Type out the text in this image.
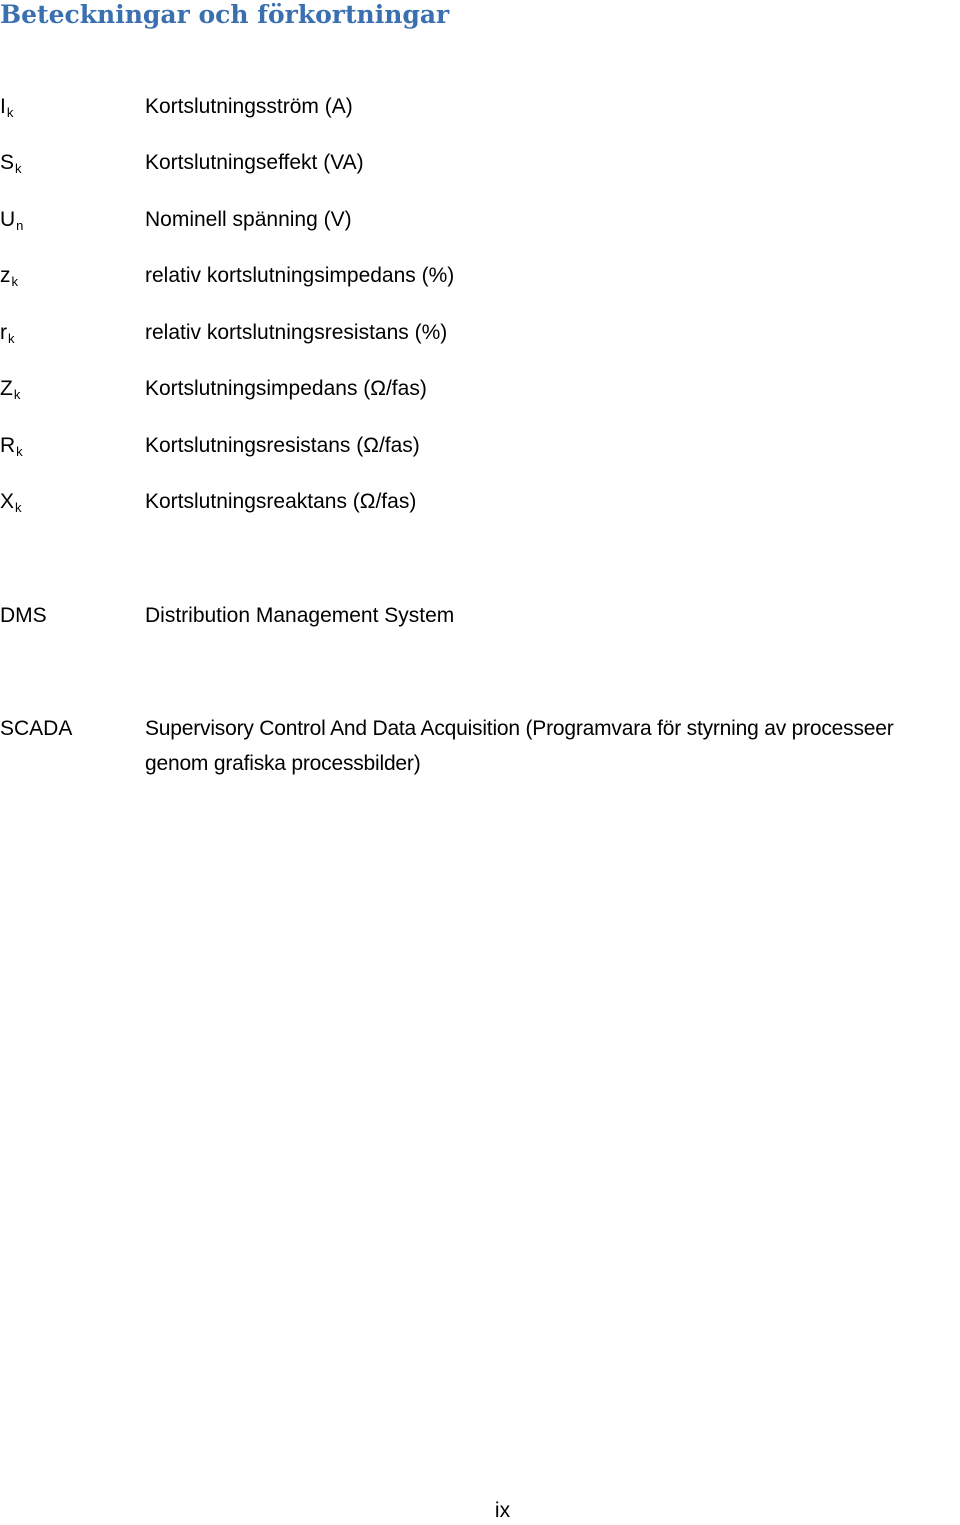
Beteckningar och förkortningar
$I_k$	Kortslutningsström (A)
$S_k$	Kortslutningseffekt (VA)
$U_n$	Nominell spänning (V)
$z_k$	relativ kortslutningsimpedans (%)
$r_k$	relativ kortslutningsresistans (%)
$Z_k$	Kortslutningsimpedans (Ω/fas)
$R_k$	Kortslutningsresistans (Ω/fas)
$X_k$	Kortslutningsreaktans (Ω/fas)
DMS	Distribution Management System
SCADA	Supervisory Control And Data Acquisition (Programvara för styrning av processeer genom grafiska processbilder)
ix
